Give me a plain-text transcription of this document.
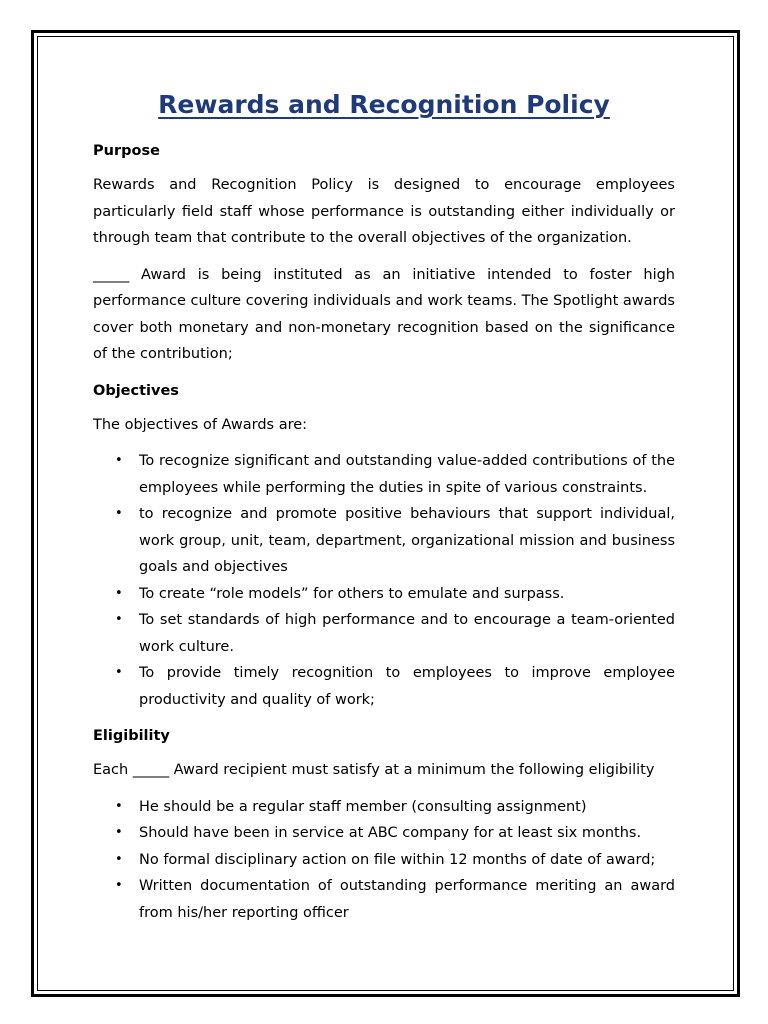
Rewards and Recognition Policy
Purpose

Rewards and Recognition Policy is designed to encourage employees particularly field staff whose performance is outstanding either individually or through team that contribute to the overall objectives of the organization.

_____ Award is being instituted as an initiative intended to foster high performance culture covering individuals and work teams. The Spotlight awards cover both monetary and non-monetary recognition based on the significance of the contribution;

Objectives

The objectives of Awards are:

• To recognize significant and outstanding value-added contributions of the employees while performing the duties in spite of various constraints.
• to recognize and promote positive behaviours that support individual, work group, unit, team, department, organizational mission and business goals and objectives
• To create “role models” for others to emulate and surpass.
• To set standards of high performance and to encourage a team-oriented work culture.
• To provide timely recognition to employees to improve employee productivity and quality of work;
Eligibility

Each _____ Award recipient must satisfy at a minimum the following eligibility

• He should be a regular staff member (consulting assignment)
• Should have been in service at ABC company for at least six months.
• No formal disciplinary action on file within 12 months of date of award;
• Written documentation of outstanding performance meriting an award from his/her reporting officer
